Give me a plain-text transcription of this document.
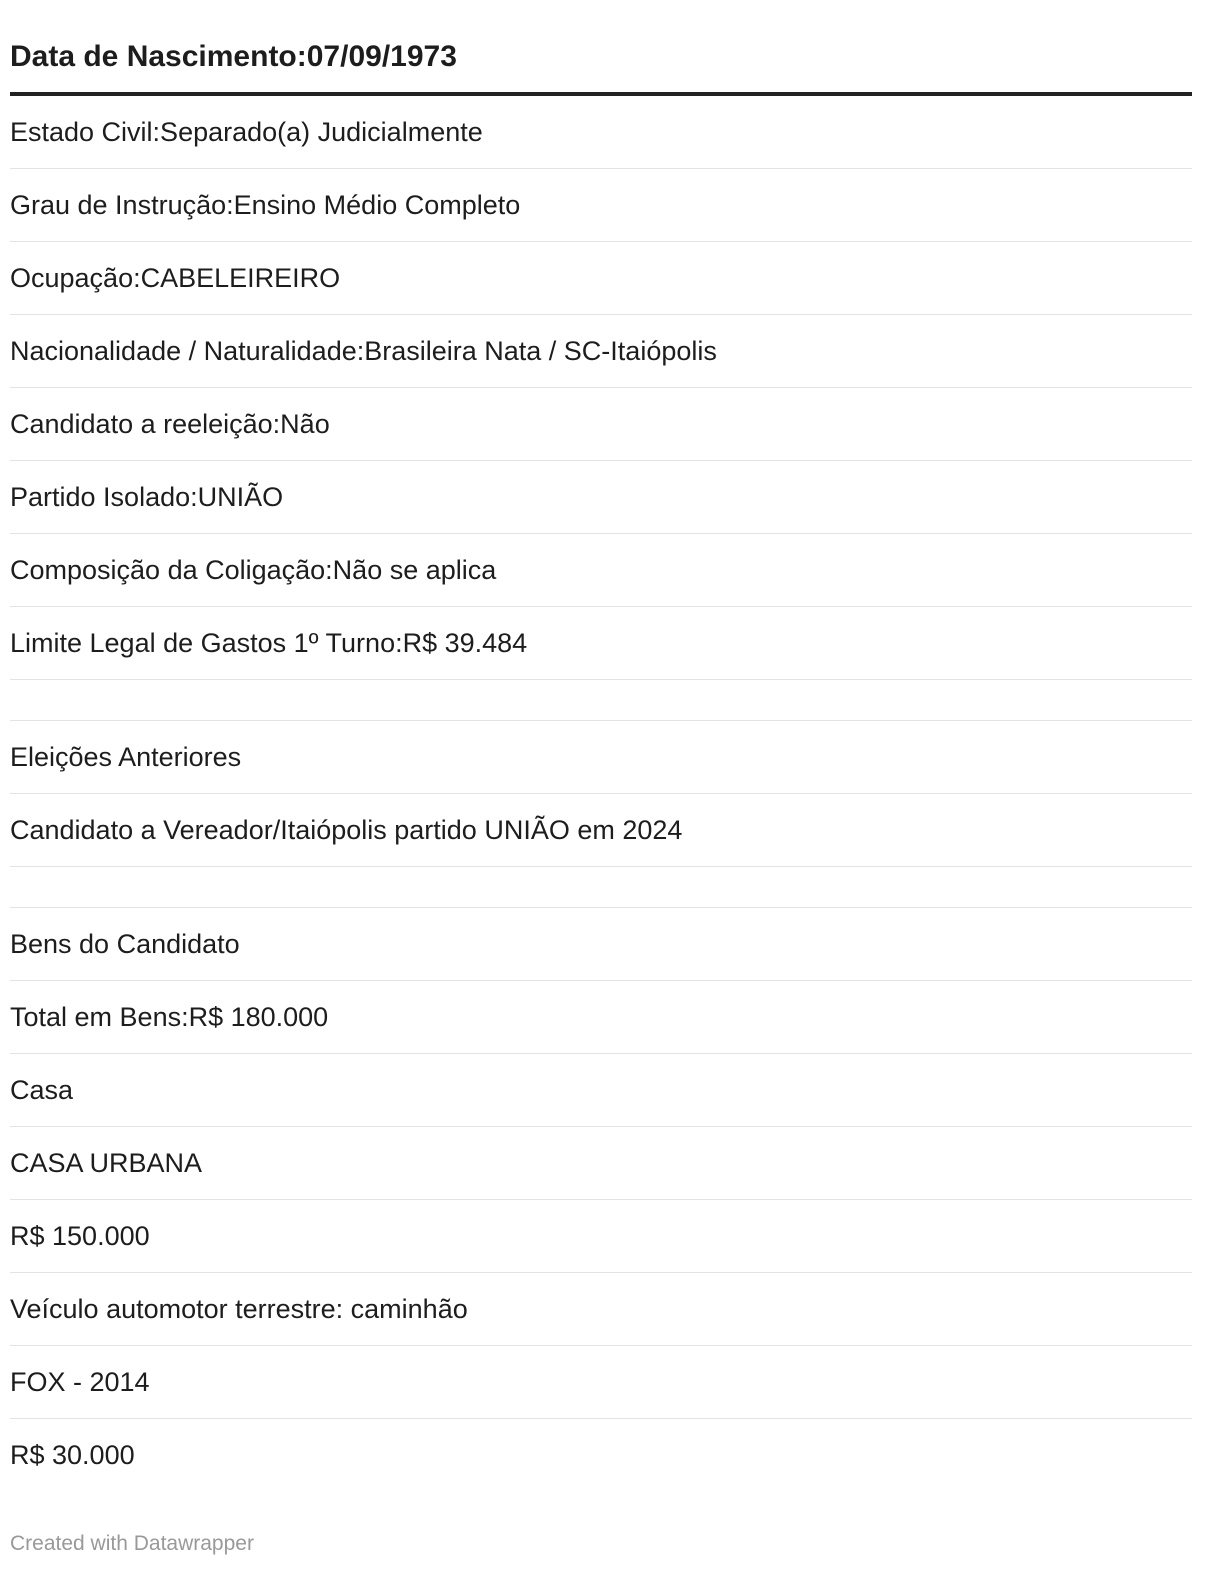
Data de Nascimento:07/09/1973
Estado Civil:Separado(a) Judicialmente
Grau de Instrução:Ensino Médio Completo
Ocupação:CABELEIREIRO
Nacionalidade / Naturalidade:Brasileira Nata / SC-Itaiópolis
Candidato a reeleição:Não
Partido Isolado:UNIÃO
Composição da Coligação:Não se aplica
Limite Legal de Gastos 1º Turno:R$ 39.484
Eleições Anteriores
Candidato a Vereador/Itaiópolis partido UNIÃO em 2024
Bens do Candidato
Total em Bens:R$ 180.000
Casa
CASA URBANA
R$ 150.000
Veículo automotor terrestre: caminhão
FOX - 2014
R$ 30.000
Created with Datawrapper
